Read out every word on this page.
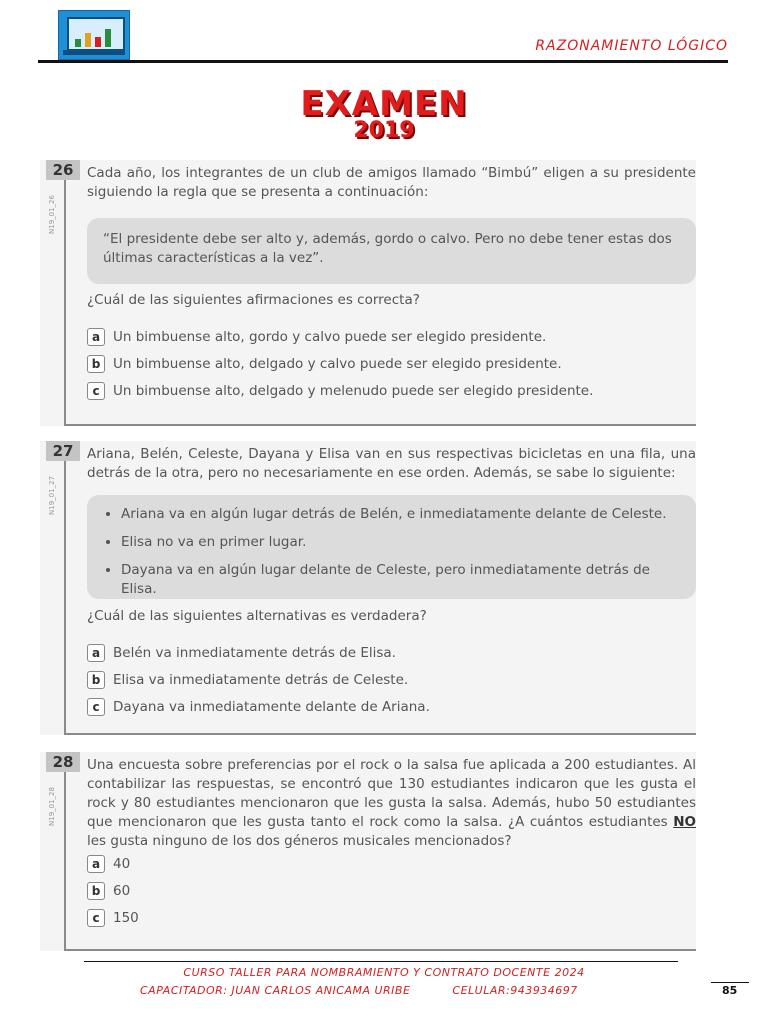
RAZONAMIENTO LÓGICO
EXAMEN
2019
26
N19_01_26
Cada año, los integrantes de un club de amigos llamado “Bimbú” eligen a su presidente siguiendo la regla que se presenta a continuación:
“El presidente debe ser alto y, además, gordo o calvo. Pero no debe tener estas dos últimas características a la vez”.
¿Cuál de las siguientes afirmaciones es correcta?
a Un bimbuense alto, gordo y calvo puede ser elegido presidente.
b Un bimbuense alto, delgado y calvo puede ser elegido presidente.
c Un bimbuense alto, delgado y melenudo puede ser elegido presidente.
27
N19_01_27
Ariana, Belén, Celeste, Dayana y Elisa van en sus respectivas bicicletas en una fila, una detrás de la otra, pero no necesariamente en ese orden. Además, se sabe lo siguiente:
• Ariana va en algún lugar detrás de Belén, e inmediatamente delante de Celeste.
• Elisa no va en primer lugar.
• Dayana va en algún lugar delante de Celeste, pero inmediatamente detrás de Elisa.
¿Cuál de las siguientes alternativas es verdadera?
a Belén va inmediatamente detrás de Elisa.
b Elisa va inmediatamente detrás de Celeste.
c Dayana va inmediatamente delante de Ariana.
28
N19_01_28
Una encuesta sobre preferencias por el rock o la salsa fue aplicada a 200 estudiantes. Al contabilizar las respuestas, se encontró que 130 estudiantes indicaron que les gusta el rock y 80 estudiantes mencionaron que les gusta la salsa. Además, hubo 50 estudiantes que mencionaron que les gusta tanto el rock como la salsa. ¿A cuántos estudiantes NO les gusta ninguno de los dos géneros musicales mencionados?
a 40
b 60
c 150
CURSO TALLER PARA NOMBRAMIENTO Y CONTRATO DOCENTE 2024
CAPACITADOR: JUAN CARLOS ANICAMA URIBE	CELULAR:943934697	85
